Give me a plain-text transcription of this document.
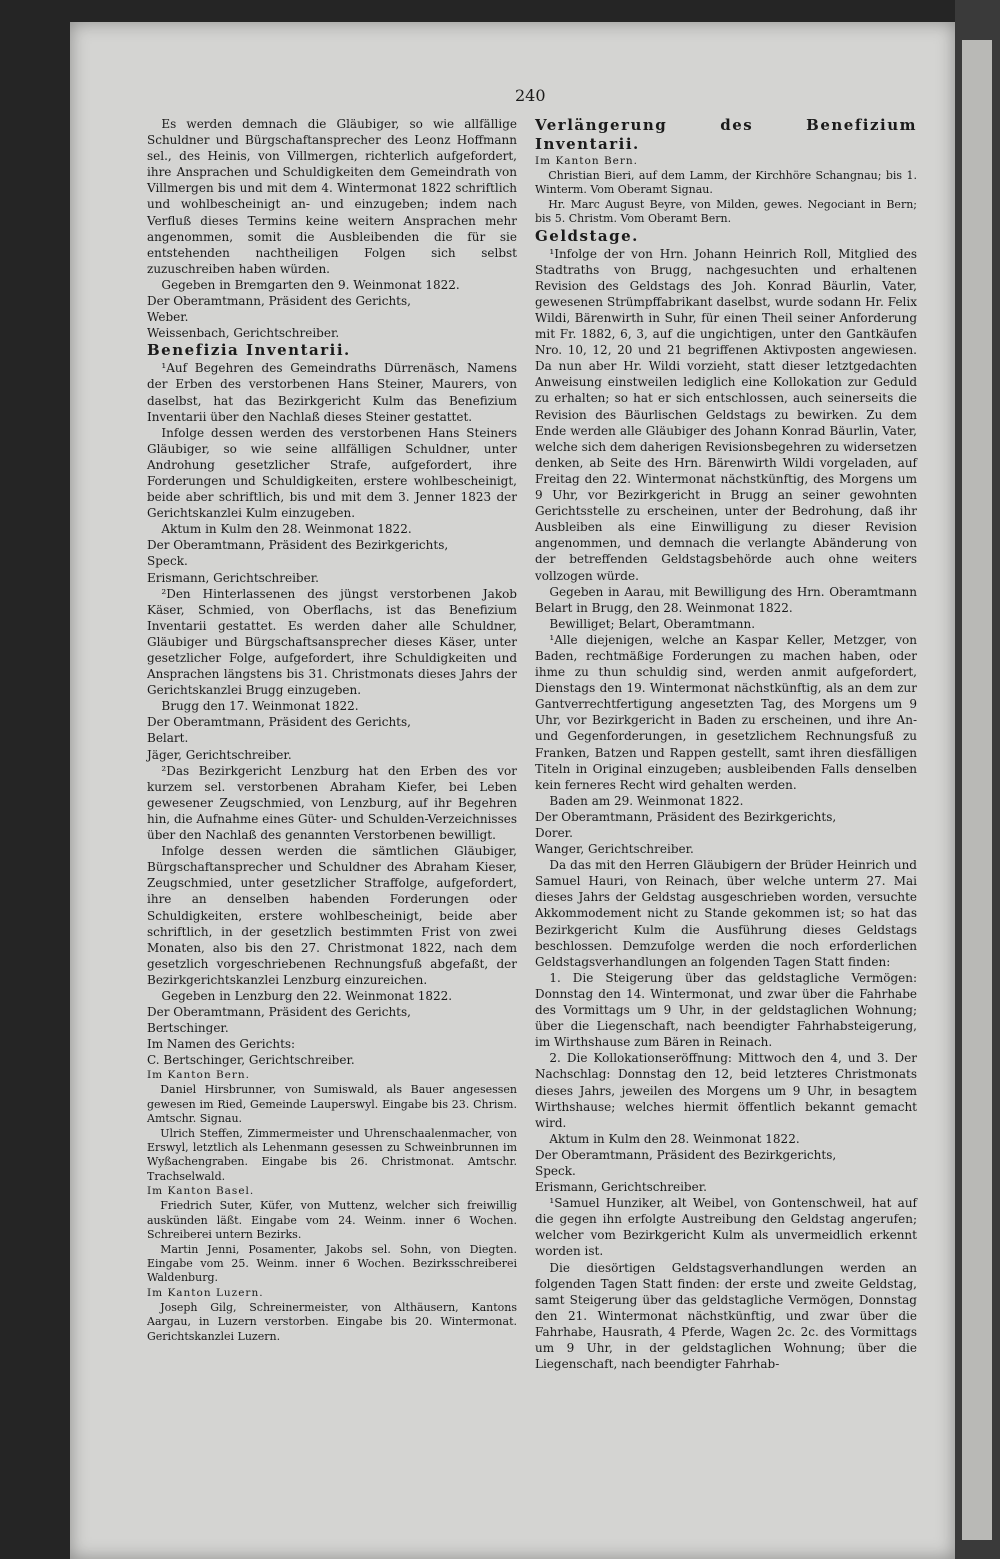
240

Es werden demnach die Gläubiger, so wie allfällige Schuldner und Bürgschaftansprecher des Leonz Hoffmann sel., des Heinis, von Villmergen, richterlich aufgefordert, ihre Ansprachen und Schuldigkeiten dem Gemeindrath von Villmergen bis und mit dem 4. Wintermonat 1822 schriftlich und wohlbescheinigt an- und einzugeben; indem nach Verfluß dieses Termins keine weitern Ansprachen mehr angenommen, somit die Ausbleibenden die für sie entstehenden nachtheiligen Folgen sich selbst zuzuschreiben haben würden.

Gegeben in Bremgarten den 9. Weinmonat 1822.

Der Oberamtmann, Präsident des Gerichts,

Weber.

Weissenbach, Gerichtschreiber.

Benefizia Inventarii.

¹Auf Begehren des Gemeindraths Dürrenäsch, Namens der Erben des verstorbenen Hans Steiner, Maurers, von daselbst, hat das Bezirkgericht Kulm das Benefizium Inventarii über den Nachlaß dieses Steiner gestattet.

Infolge dessen werden des verstorbenen Hans Steiners Gläubiger, so wie seine allfälligen Schuldner, unter Androhung gesetzlicher Strafe, aufgefordert, ihre Forderungen und Schuldigkeiten, erstere wohlbescheinigt, beide aber schriftlich, bis und mit dem 3. Jenner 1823 der Gerichtskanzlei Kulm einzugeben.

Aktum in Kulm den 28. Weinmonat 1822.

Der Oberamtmann, Präsident des Bezirkgerichts,

Speck.

Erismann, Gerichtschreiber.

²Den Hinterlassenen des jüngst verstorbenen Jakob Käser, Schmied, von Oberflachs, ist das Benefizium Inventarii gestattet. Es werden daher alle Schuldner, Gläubiger und Bürgschaftsansprecher dieses Käser, unter gesetzlicher Folge, aufgefordert, ihre Schuldigkeiten und Ansprachen längstens bis 31. Christmonats dieses Jahrs der Gerichtskanzlei Brugg einzugeben.

Brugg den 17. Weinmonat 1822.

Der Oberamtmann, Präsident des Gerichts,

Belart.

Jäger, Gerichtschreiber.

²Das Bezirkgericht Lenzburg hat den Erben des vor kurzem sel. verstorbenen Abraham Kiefer, bei Leben gewesener Zeugschmied, von Lenzburg, auf ihr Begehren hin, die Aufnahme eines Güter- und Schulden-Verzeichnisses über den Nachlaß des genannten Verstorbenen bewilligt.

Infolge dessen werden die sämtlichen Gläubiger, Bürgschaftansprecher und Schuldner des Abraham Kieser, Zeugschmied, unter gesetzlicher Straffolge, aufgefordert, ihre an denselben habenden Forderungen oder Schuldigkeiten, erstere wohlbescheinigt, beide aber schriftlich, in der gesetzlich bestimmten Frist von zwei Monaten, also bis den 27. Christmonat 1822, nach dem gesetzlich vorgeschriebenen Rechnungsfuß abgefaßt, der Bezirkgerichtskanzlei Lenzburg einzureichen.

Gegeben in Lenzburg den 22. Weinmonat 1822.

Der Oberamtmann, Präsident des Gerichts,

Bertschinger.

Im Namen des Gerichts:

C. Bertschinger, Gerichtschreiber.

Im Kanton Bern.

Daniel Hirsbrunner, von Sumiswald, als Bauer angesessen gewesen im Ried, Gemeinde Lauperswyl. Eingabe bis 23. Chrism. Amtschr. Signau.

Ulrich Steffen, Zimmermeister und Uhrenschaalenmacher, von Erswyl, letztlich als Lehenmann gesessen zu Schweinbrunnen im Wyßachengraben. Eingabe bis 26. Christmonat. Amtschr. Trachselwald.

Im Kanton Basel.

Friedrich Suter, Küfer, von Muttenz, welcher sich freiwillig auskünden läßt. Eingabe vom 24. Weinm. inner 6 Wochen. Schreiberei untern Bezirks.

Martin Jenni, Posamenter, Jakobs sel. Sohn, von Diegten. Eingabe vom 25. Weinm. inner 6 Wochen. Bezirksschreiberei Waldenburg.

Im Kanton Luzern.

Joseph Gilg, Schreinermeister, von Althäusern, Kantons Aargau, in Luzern verstorben. Eingabe bis 20. Wintermonat. Gerichtskanzlei Luzern.

Verlängerung des Benefizium Inventarii.

Im Kanton Bern.

Christian Bieri, auf dem Lamm, der Kirchhöre Schangnau; bis 1. Winterm. Vom Oberamt Signau.

Hr. Marc August Beyre, von Milden, gewes. Negociant in Bern; bis 5. Christm. Vom Oberamt Bern.

Geldstage.

¹Infolge der von Hrn. Johann Heinrich Roll, Mitglied des Stadtraths von Brugg, nachgesuchten und erhaltenen Revision des Geldstags des Joh. Konrad Bäurlin, Vater, gewesenen Strümpffabrikant daselbst, wurde sodann Hr. Felix Wildi, Bärenwirth in Suhr, für einen Theil seiner Anforderung mit Fr. 1882, 6, 3, auf die ungichtigen, unter den Gantkäufen Nro. 10, 12, 20 und 21 begriffenen Aktivposten angewiesen. Da nun aber Hr. Wildi vorzieht, statt dieser letztgedachten Anweisung einstweilen lediglich eine Kollokation zur Geduld zu erhalten; so hat er sich entschlossen, auch seinerseits die Revision des Bäurlischen Geldstags zu bewirken. Zu dem Ende werden alle Gläubiger des Johann Konrad Bäurlin, Vater, welche sich dem daherigen Revisionsbegehren zu widersetzen denken, ab Seite des Hrn. Bärenwirth Wildi vorgeladen, auf Freitag den 22. Wintermonat nächstkünftig, des Morgens um 9 Uhr, vor Bezirkgericht in Brugg an seiner gewohnten Gerichtsstelle zu erscheinen, unter der Bedrohung, daß ihr Ausbleiben als eine Einwilligung zu dieser Revision angenommen, und demnach die verlangte Abänderung von der betreffenden Geldstagsbehörde auch ohne weiters vollzogen würde.

Gegeben in Aarau, mit Bewilligung des Hrn. Oberamtmann Belart in Brugg, den 28. Weinmonat 1822.

Bewilliget; Belart, Oberamtmann.

¹Alle diejenigen, welche an Kaspar Keller, Metzger, von Baden, rechtmäßige Forderungen zu machen haben, oder ihme zu thun schuldig sind, werden anmit aufgefordert, Dienstags den 19. Wintermonat nächstkünftig, als an dem zur Gantverrechtfertigung angesetzten Tag, des Morgens um 9 Uhr, vor Bezirkgericht in Baden zu erscheinen, und ihre An- und Gegenforderungen, in gesetzlichem Rechnungsfuß zu Franken, Batzen und Rappen gestellt, samt ihren diesfälligen Titeln in Original einzugeben; ausbleibenden Falls denselben kein ferneres Recht wird gehalten werden.

Baden am 29. Weinmonat 1822.

Der Oberamtmann, Präsident des Bezirkgerichts,

Dorer.

Wanger, Gerichtschreiber.

Da das mit den Herren Gläubigern der Brüder Heinrich und Samuel Hauri, von Reinach, über welche unterm 27. Mai dieses Jahrs der Geldstag ausgeschrieben worden, versuchte Akkommodement nicht zu Stande gekommen ist; so hat das Bezirkgericht Kulm die Ausführung dieses Geldstags beschlossen. Demzufolge werden die noch erforderlichen Geldstagsverhandlungen an folgenden Tagen Statt finden:

1. Die Steigerung über das geldstagliche Vermögen: Donnstag den 14. Wintermonat, und zwar über die Fahrhabe des Vormittags um 9 Uhr, in der geldstaglichen Wohnung; über die Liegenschaft, nach beendigter Fahrhabsteigerung, im Wirthshause zum Bären in Reinach.

2. Die Kollokationseröffnung: Mittwoch den 4, und 3. Der Nachschlag: Donnstag den 12, beid letzteres Christmonats dieses Jahrs, jeweilen des Morgens um 9 Uhr, in besagtem Wirthshause; welches hiermit öffentlich bekannt gemacht wird.

Aktum in Kulm den 28. Weinmonat 1822.

Der Oberamtmann, Präsident des Bezirkgerichts,

Speck.

Erismann, Gerichtschreiber.

¹Samuel Hunziker, alt Weibel, von Gontenschweil, hat auf die gegen ihn erfolgte Austreibung den Geldstag angerufen; welcher vom Bezirkgericht Kulm als unvermeidlich erkennt worden ist.

Die diesörtigen Geldstagsverhandlungen werden an folgenden Tagen Statt finden: der erste und zweite Geldstag, samt Steigerung über das geldstagliche Vermögen, Donnstag den 21. Wintermonat nächstkünftig, und zwar über die Fahrhabe, Hausrath, 4 Pferde, Wagen 2c. 2c. des Vormittags um 9 Uhr, in der geldstaglichen Wohnung; über die Liegenschaft, nach beendigter Fahrhab-
